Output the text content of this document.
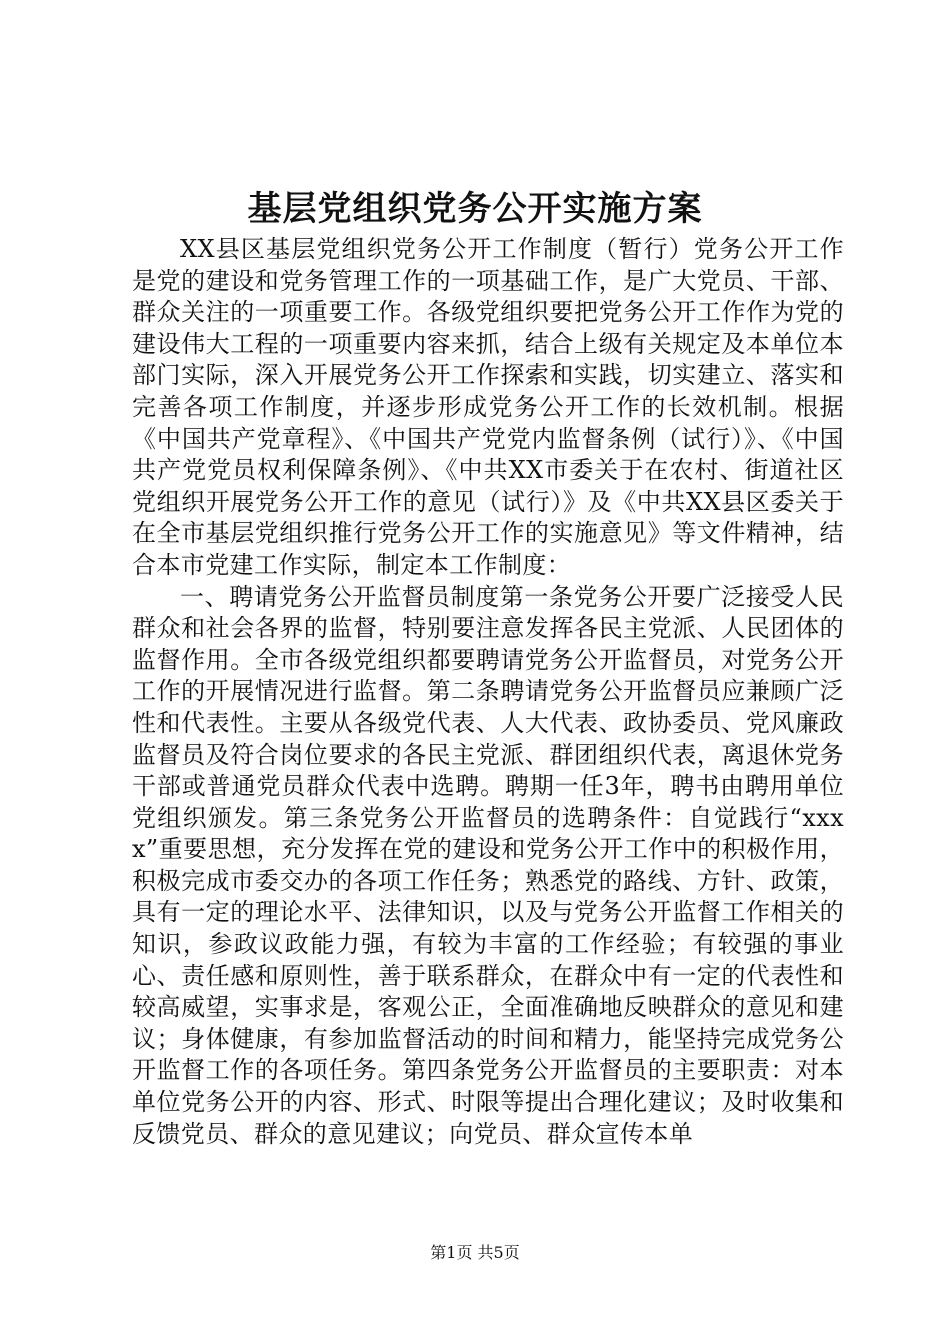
基层党组织党务公开实施方案

XX县区基层党组织党务公开工作制度（暂行）党务公开工作是党的建设和党务管理工作的一项基础工作，是广大党员、干部、群众关注的一项重要工作。各级党组织要把党务公开工作作为党的建设伟大工程的一项重要内容来抓，结合上级有关规定及本单位本部门实际，深入开展党务公开工作探索和实践，切实建立、落实和完善各项工作制度，并逐步形成党务公开工作的长效机制。根据《中国共产党章程》、《中国共产党党内监督条例（试行）》、《中国共产党党员权利保障条例》、《中共XX市委关于在农村、街道社区党组织开展党务公开工作的意见（试行）》及《中共XX县区委关于在全市基层党组织推行党务公开工作的实施意见》等文件精神，结合本市党建工作实际，制定本工作制度：

一、聘请党务公开监督员制度第一条党务公开要广泛接受人民群众和社会各界的监督，特别要注意发挥各民主党派、人民团体的监督作用。全市各级党组织都要聘请党务公开监督员，对党务公开工作的开展情况进行监督。第二条聘请党务公开监督员应兼顾广泛性和代表性。主要从各级党代表、人大代表、政协委员、党风廉政监督员及符合岗位要求的各民主党派、群团组织代表，离退休党务干部或普通党员群众代表中选聘。聘期一任3年，聘书由聘用单位党组织颁发。第三条党务公开监督员的选聘条件：自觉践行“xxxx”重要思想，充分发挥在党的建设和党务公开工作中的积极作用，积极完成市委交办的各项工作任务；熟悉党的路线、方针、政策，具有一定的理论水平、法律知识，以及与党务公开监督工作相关的知识，参政议政能力强，有较为丰富的工作经验；有较强的事业心、责任感和原则性，善于联系群众，在群众中有一定的代表性和较高威望，实事求是，客观公正，全面准确地反映群众的意见和建议；身体健康，有参加监督活动的时间和精力，能坚持完成党务公开监督工作的各项任务。第四条党务公开监督员的主要职责：对本单位党务公开的内容、形式、时限等提出合理化建议；及时收集和反馈党员、群众的意见建议；向党员、群众宣传本单

第1页 共5页
